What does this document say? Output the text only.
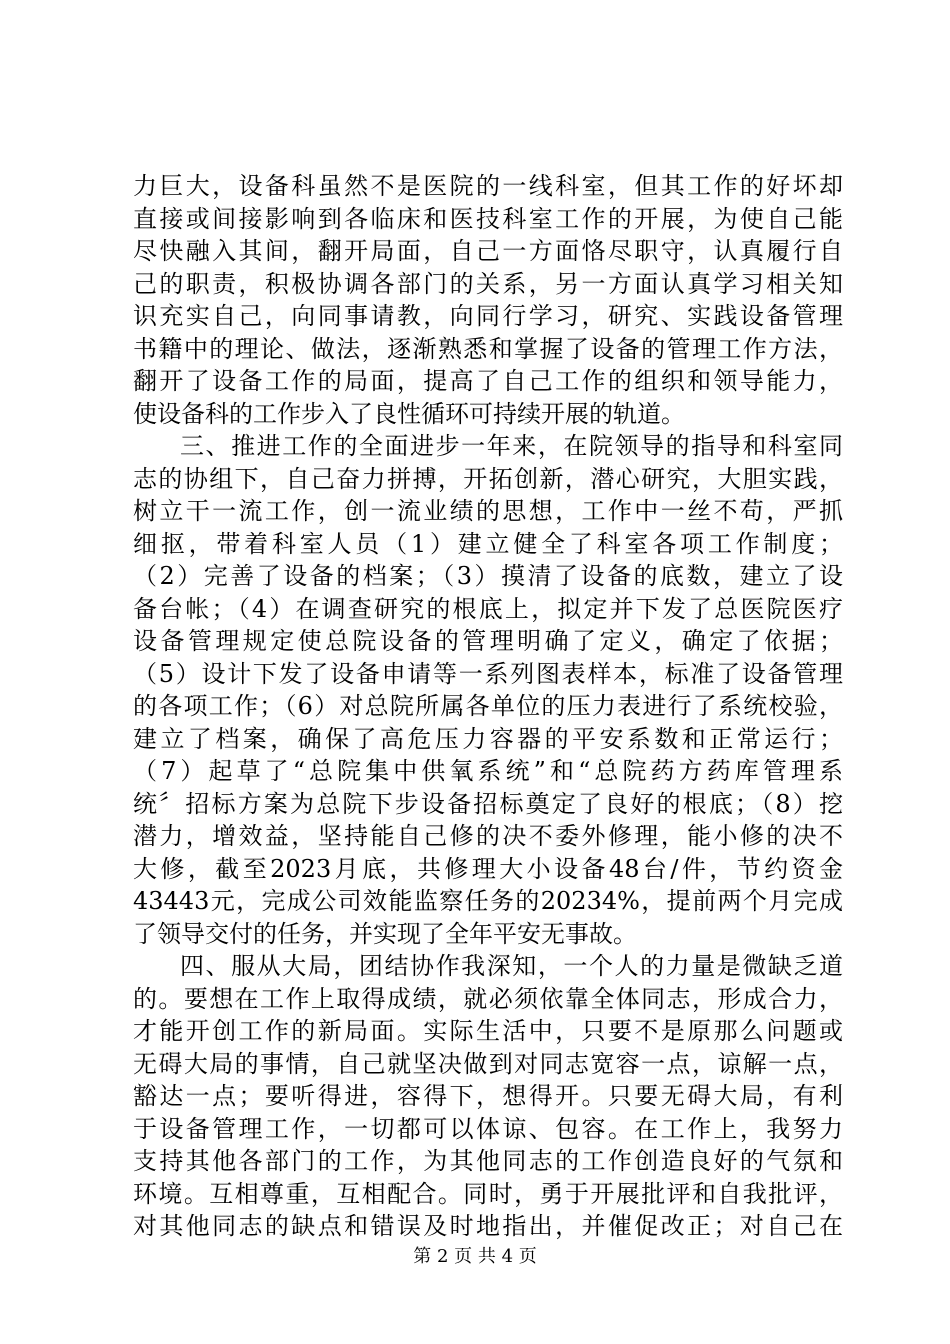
力巨大，设备科虽然不是医院的一线科室，但其工作的好坏却
直接或间接影响到各临床和医技科室工作的开展，为使自己能
尽快融入其间，翻开局面，自己一方面恪尽职守，认真履行自
己的职责，积极协调各部门的关系，另一方面认真学习相关知
识充实自己，向同事请教，向同行学习，研究、实践设备管理
书籍中的理论、做法，逐渐熟悉和掌握了设备的管理工作方法，
翻开了设备工作的局面，提高了自己工作的组织和领导能力，
使设备科的工作步入了良性循环可持续开展的轨道。
三、推进工作的全面进步一年来，在院领导的指导和科室同
志的协组下，自己奋力拼搏，开拓创新，潜心研究，大胆实践，
树立干一流工作，创一流业绩的思想，工作中一丝不苟，严抓
细抠，带着科室人员（1）建立健全了科室各项工作制度；
（2）完善了设备的档案；（3）摸清了设备的底数，建立了设
备台帐；（4）在调查研究的根底上，拟定并下发了总医院医疗
设备管理规定使总院设备的管理明确了定义，确定了依据；
（5）设计下发了设备申请等一系列图表样本，标准了设备管理
的各项工作；（6）对总院所属各单位的压力表进行了系统校验，
建立了档案，确保了高危压力容器的平安系数和正常运行；
（7）起草了“总院集中供氧系统”和“总院药方药库管理系
统〞招标方案为总院下步设备招标奠定了良好的根底；（8）挖
潜力，增效益，坚持能自己修的决不委外修理，能小修的决不
大修，截至2023月底，共修理大小设备48台/件，节约资金
43443元，完成公司效能监察任务的20234%，提前两个月完成
了领导交付的任务，并实现了全年平安无事故。
四、服从大局，团结协作我深知，一个人的力量是微缺乏道
的。要想在工作上取得成绩，就必须依靠全体同志，形成合力，
才能开创工作的新局面。实际生活中，只要不是原那么问题或
无碍大局的事情，自己就坚决做到对同志宽容一点，谅解一点，
豁达一点；要听得进，容得下，想得开。只要无碍大局，有利
于设备管理工作，一切都可以体谅、包容。在工作上，我努力
支持其他各部门的工作，为其他同志的工作创造良好的气氛和
环境。互相尊重，互相配合。同时，勇于开展批评和自我批评，
对其他同志的缺点和错误及时地指出，并催促改正；对自己在
第 2 页 共 4 页
